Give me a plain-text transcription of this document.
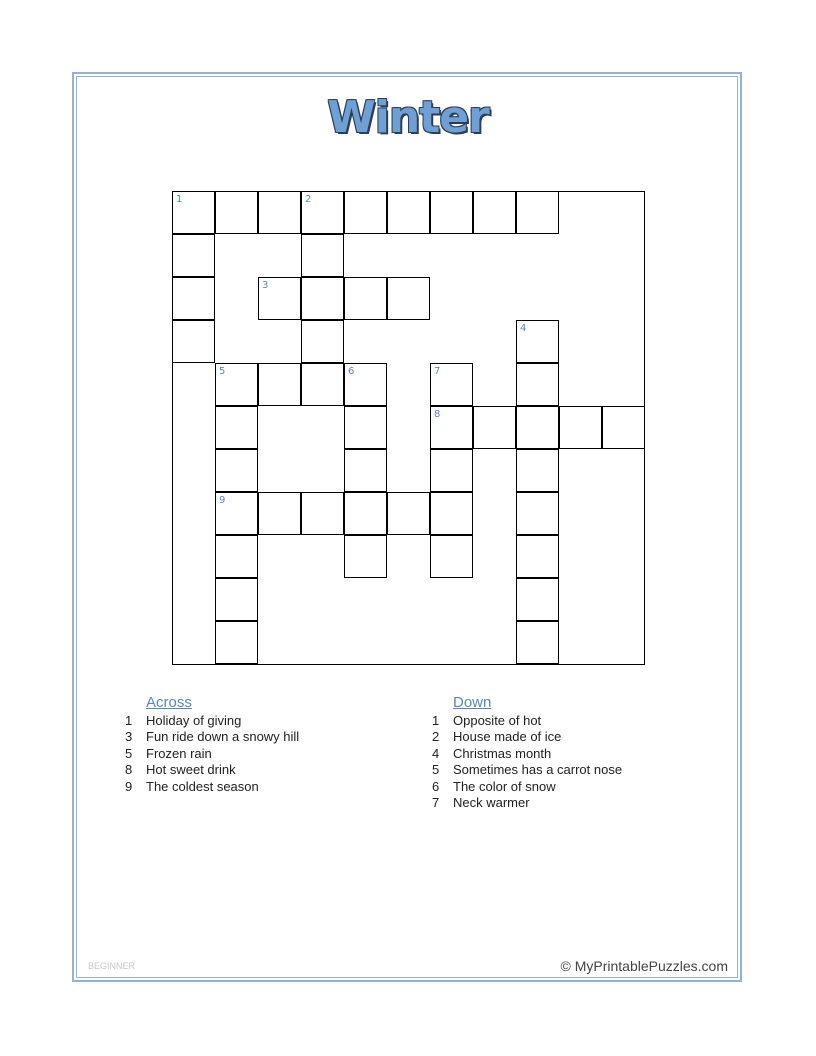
Winter
1	2
3
4
5	6	7
8
9
Across
1	Holiday of giving
3	Fun ride down a snowy hill
5	Frozen rain
8	Hot sweet drink
9	The coldest season
Down
1	Opposite of hot
2	House made of ice
4	Christmas month
5	Sometimes has a carrot nose
6	The color of snow
7	Neck warmer
BEGINNER	© MyPrintablePuzzles.com
